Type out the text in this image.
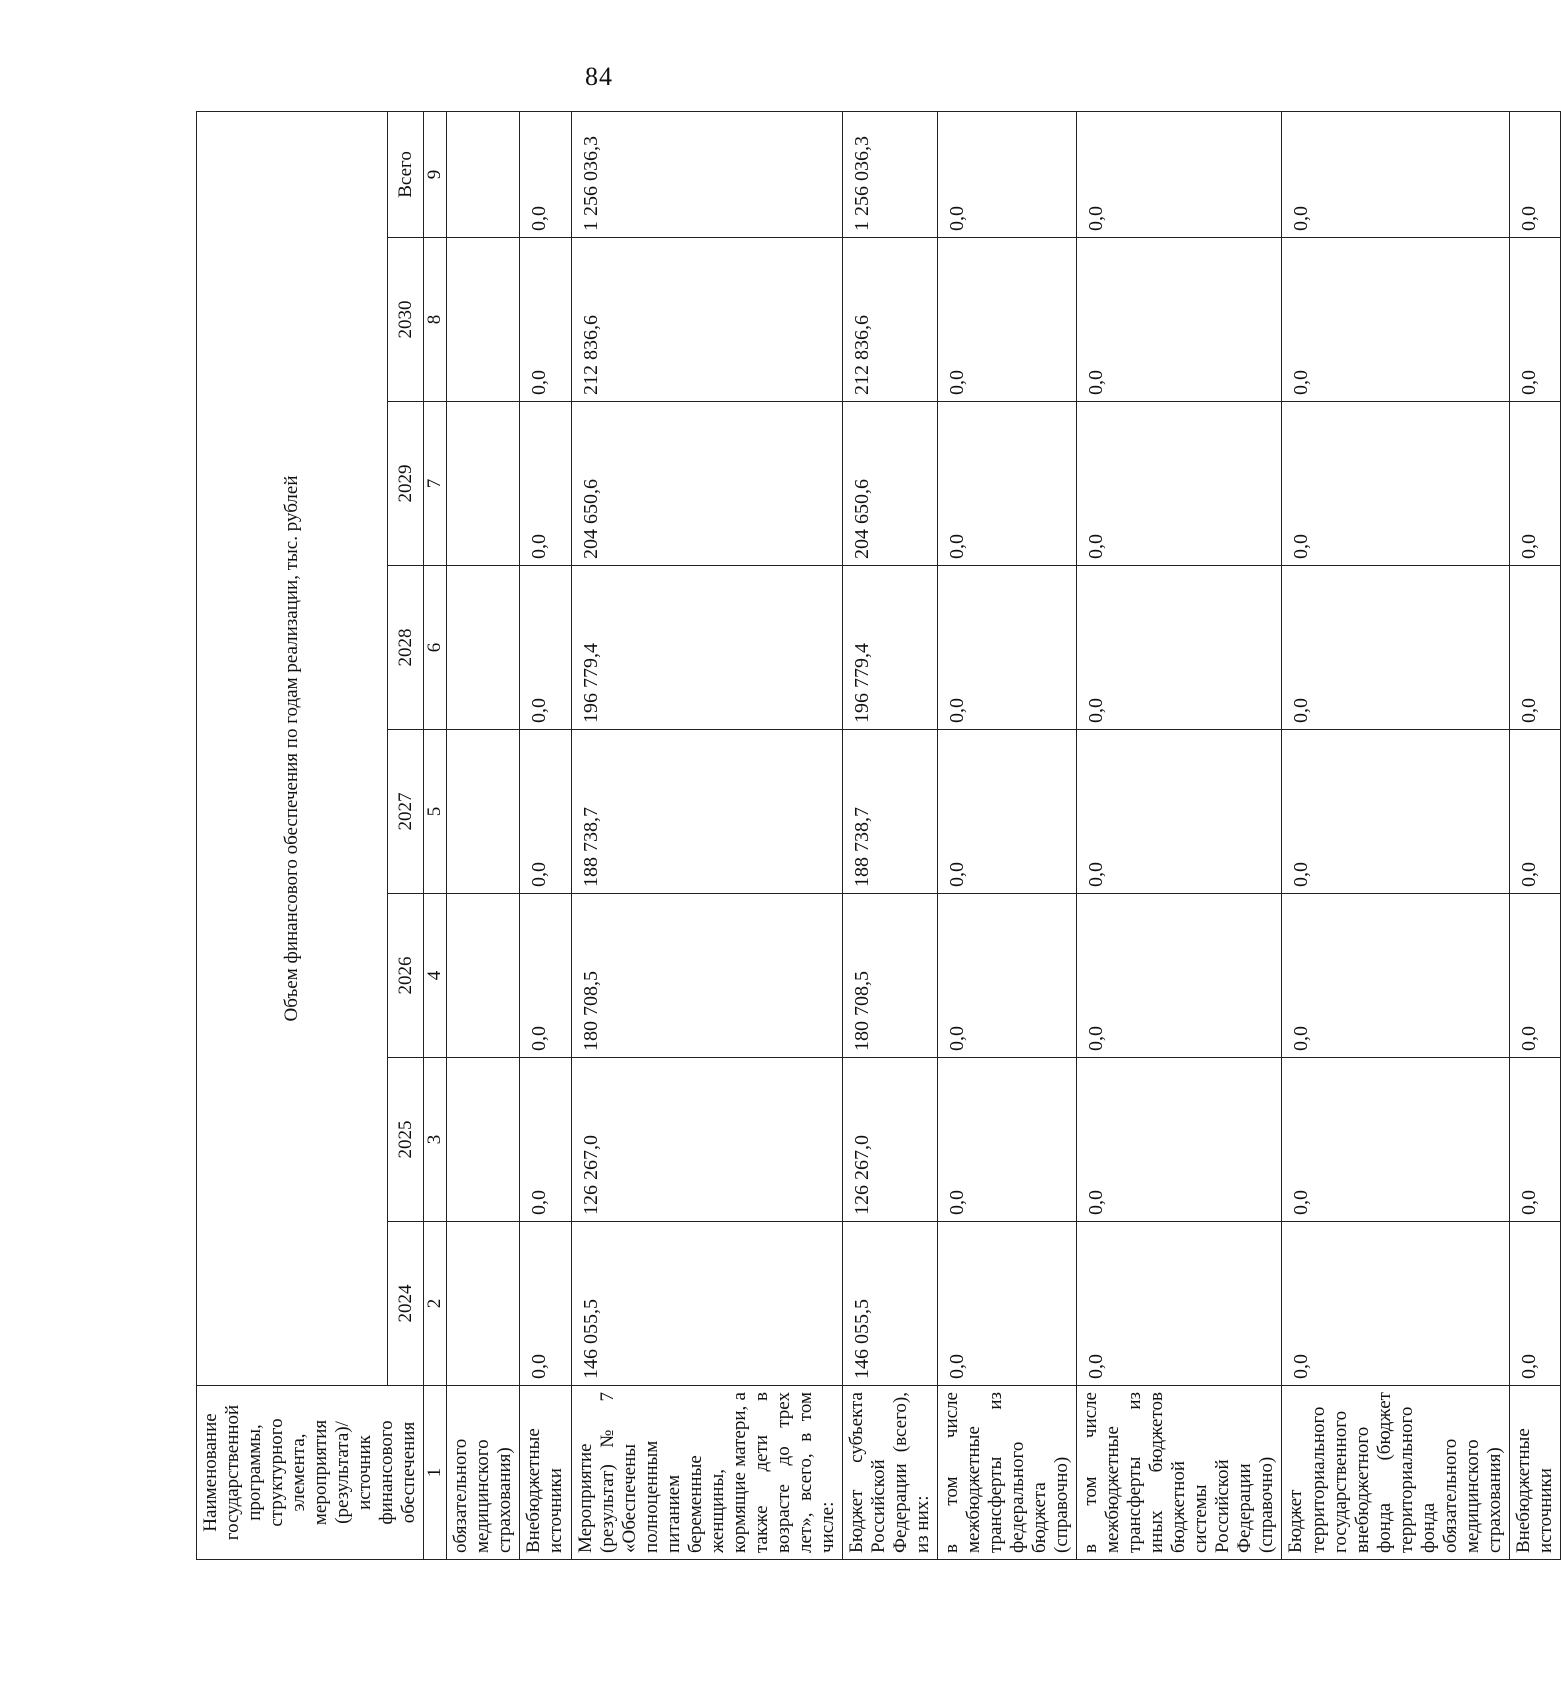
84
Наименование государственной программы, структурного элемента, мероприятия (результата)/источник финансового обеспечения	Объем финансового обеспечения по годам реализации, тыс. рублей							
	2024	2025	2026	2027	2028	2029	2030	Всего
1	2	3	4	5	6	7	8	9
обязательного медицинского страхования)								
Внебюджетные источники	0,0	0,0	0,0	0,0	0,0	0,0	0,0	0,0
Мероприятие (результат) № 7 «Обеспечены полноценным питанием беременные женщины, кормящие матери, а также дети в возрасте до трех лет», всего, в том числе:	146 055,5	126 267,0	180 708,5	188 738,7	196 779,4	204 650,6	212 836,6	1 256 036,3
Бюджет субъекта Российской Федерации (всего), из них:	146 055,5	126 267,0	180 708,5	188 738,7	196 779,4	204 650,6	212 836,6	1 256 036,3
в том числе межбюджетные трансферты из федерального бюджета (справочно)	0,0	0,0	0,0	0,0	0,0	0,0	0,0	0,0
в том числе межбюджетные трансферты из иных бюджетов бюджетной системы Российской Федерации (справочно)	0,0	0,0	0,0	0,0	0,0	0,0	0,0	0,0
Бюджет территориального государственного внебюджетного фонда (бюджет территориального фонда обязательного медицинского страхования)	0,0	0,0	0,0	0,0	0,0	0,0	0,0	0,0
Внебюджетные источники	0,0	0,0	0,0	0,0	0,0	0,0	0,0	0,0
